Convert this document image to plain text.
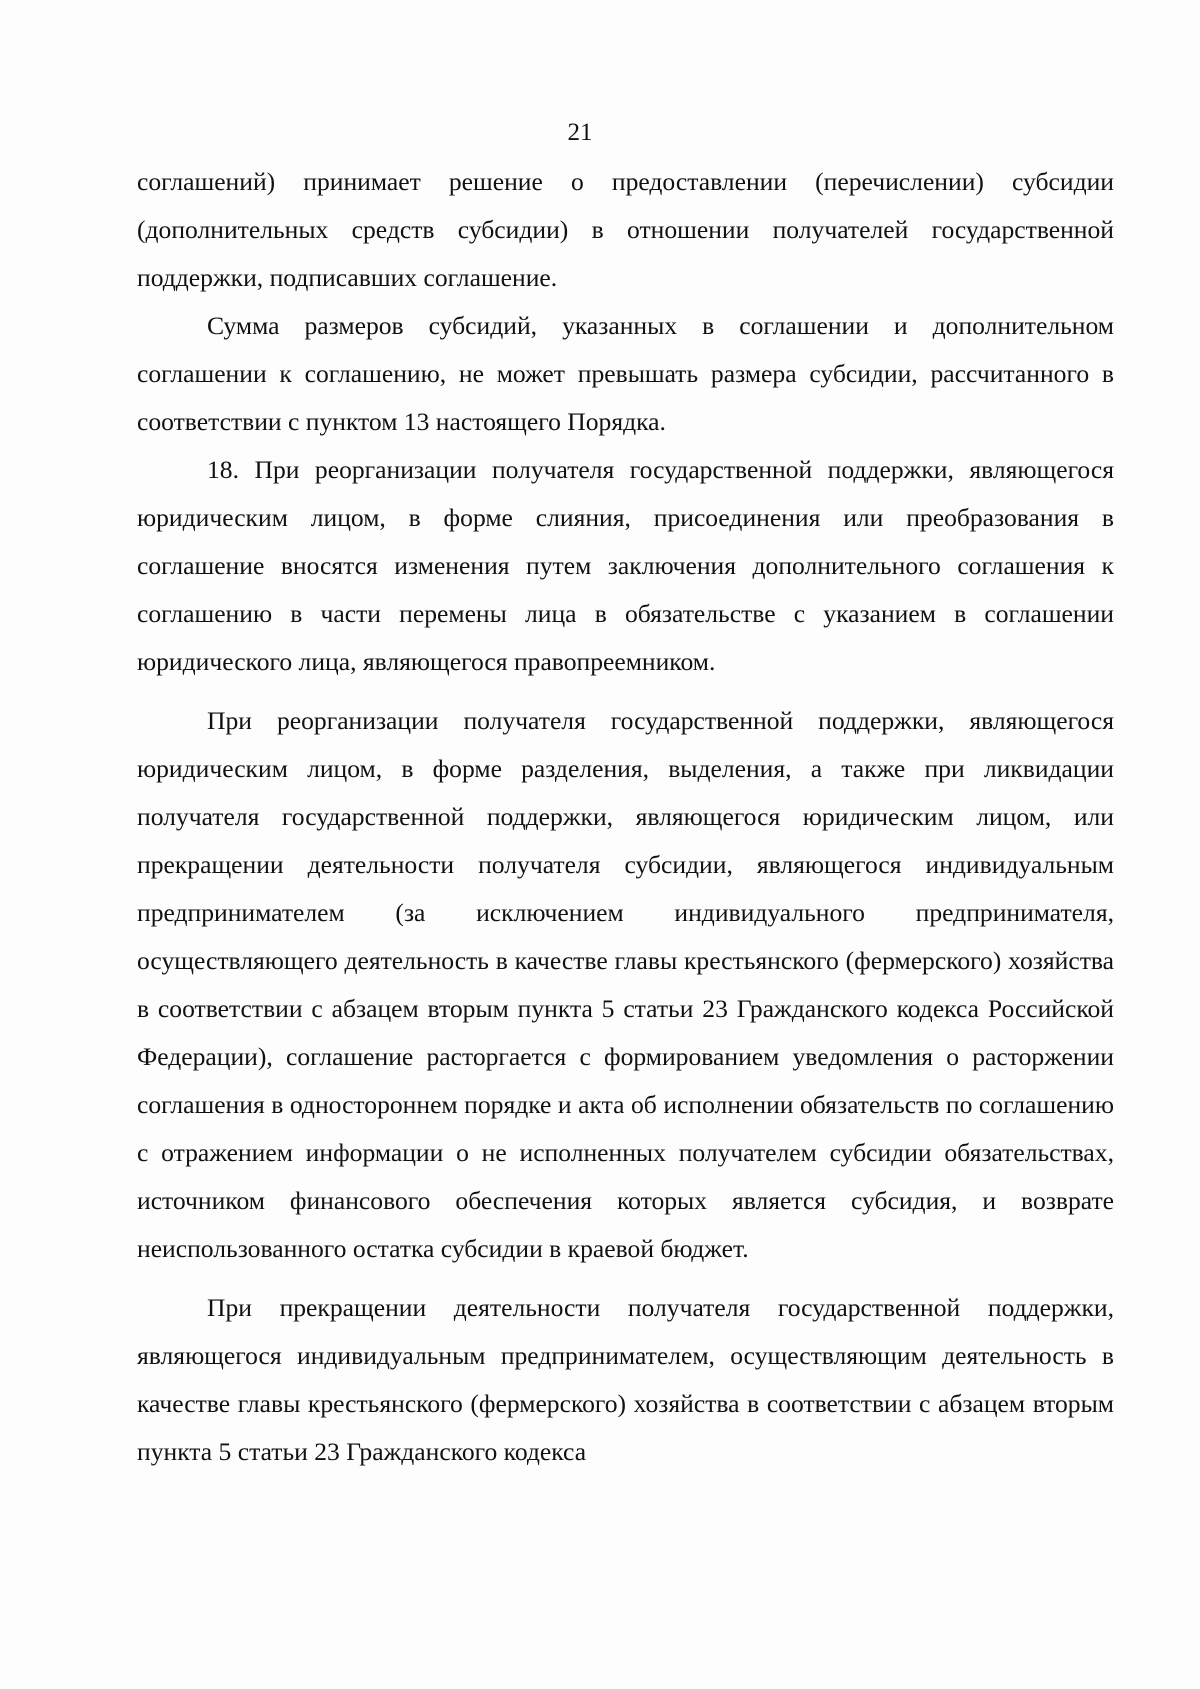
21

соглашений) принимает решение о предоставлении (перечислении) субсидии (дополнительных средств субсидии) в отношении получателей государственной поддержки, подписавших соглашение.

Сумма размеров субсидий, указанных в соглашении и дополнительном соглашении к соглашению, не может превышать размера субсидии, рассчитанного в соответствии с пунктом 13 настоящего Порядка.

18. При реорганизации получателя государственной поддержки, являющегося юридическим лицом, в форме слияния, присоединения или преобразования в соглашение вносятся изменения путем заключения дополнительного соглашения к соглашению в части перемены лица в обязательстве с указанием в соглашении юридического лица, являющегося правопреемником.

При реорганизации получателя государственной поддержки, являющегося юридическим лицом, в форме разделения, выделения, а также при ликвидации получателя государственной поддержки, являющегося юридическим лицом, или прекращении деятельности получателя субсидии, являющегося индивидуальным предпринимателем (за исключением индивидуального предпринимателя, осуществляющего деятельность в качестве главы крестьянского (фермерского) хозяйства в соответствии с абзацем вторым пункта 5 статьи 23 Гражданского кодекса Российской Федерации), соглашение расторгается с формированием уведомления о расторжении соглашения в одностороннем порядке и акта об исполнении обязательств по соглашению с отражением информации о не исполненных получателем субсидии обязательствах, источником финансового обеспечения которых является субсидия, и возврате неиспользованного остатка субсидии в краевой бюджет.

При прекращении деятельности получателя государственной поддержки, являющегося индивидуальным предпринимателем, осуществляющим деятельность в качестве главы крестьянского (фермерского) хозяйства в соответствии с абзацем вторым пункта 5 статьи 23 Гражданского кодекса
